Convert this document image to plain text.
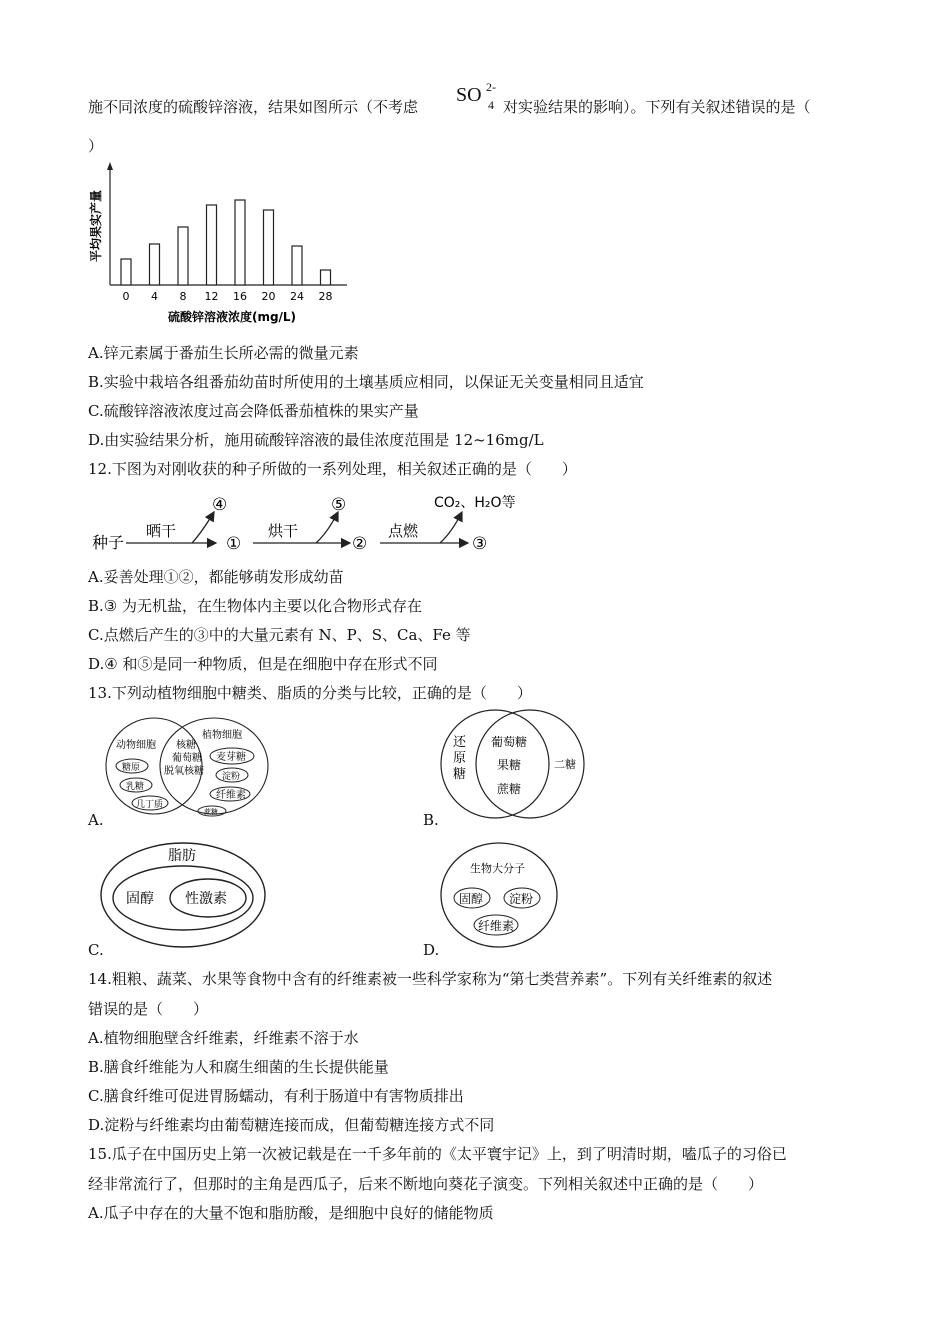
施不同浓度的硫酸锌溶液，结果如图所示（不考虑
SO 2-
4 对实验结果的影响）。下列有关叙述错误的是（
）
平均果实产量
0 4 8 12 16 20 24 28
硫酸锌溶液浓度(mg/L)
A.锌元素属于番茄生长所必需的微量元素
B.实验中栽培各组番茄幼苗时所使用的土壤基质应相同，以保证无关变量相同且适宜
C.硫酸锌溶液浓度过高会降低番茄植株的果实产量
D.由实验结果分析，施用硫酸锌溶液的最佳浓度范围是 12~16mg/L
12.下图为对刚收获的种子所做的一系列处理，相关叙述正确的是（　　）
种子
晒干
④
①
烘干
⑤
②
点燃
CO₂、H₂O等
③
A.妥善处理①②，都能够萌发形成幼苗
B.③ 为无机盐，在生物体内主要以化合物形式存在
C.点燃后产生的③中的大量元素有 N、P、S、Ca、Fe 等
D.④ 和⑤是同一种物质，但是在细胞中存在形式不同
13.下列动植物细胞中糖类、脂质的分类与比较，正确的是（　　）
动物细胞
植物细胞
糖原
乳糖
几丁质
核糖
葡萄糖
脱氧核糖
麦芽糖
淀粉
纤维素
蔗糖
A.
还
原
糖
葡萄糖
果糖
蔗糖
二糖
B.
脂肪
固醇 性激素
C.
生物大分子
固醇 淀粉
纤维素
D.
14.粗粮、蔬菜、水果等食物中含有的纤维素被一些科学家称为“第七类营养素”。下列有关纤维素的叙述
错误的是（　　）
A.植物细胞壁含纤维素，纤维素不溶于水
B.膳食纤维能为人和腐生细菌的生长提供能量
C.膳食纤维可促进胃肠蠕动，有利于肠道中有害物质排出
D.淀粉与纤维素均由葡萄糖连接而成，但葡萄糖连接方式不同
15.瓜子在中国历史上第一次被记载是在一千多年前的《太平寰宇记》上，到了明清时期，嗑瓜子的习俗已
经非常流行了，但那时的主角是西瓜子，后来不断地向葵花子演变。下列相关叙述中正确的是（　　）
A.瓜子中存在的大量不饱和脂肪酸，是细胞中良好的储能物质
